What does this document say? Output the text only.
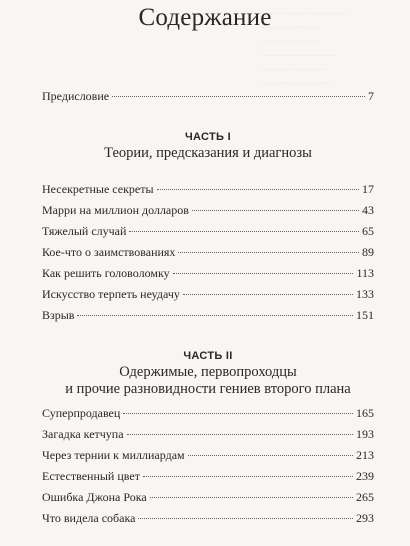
─── ──── ──────
──── ─────
────── ───
──── ───── ──
───── ─────
──────── ───
Содержание
Предисловие	7
ЧАСТЬ I
Теории, предсказания и диагнозы
Несекретные секреты	17
Марри на миллион долларов	43
Тяжелый случай	65
Кое-что о заимствованиях	89
Как решить головоломку	113
Искусство терпеть неудачу	133
Взрыв	151
ЧАСТЬ II
Одержимые, первопроходцы
и прочие разновидности гениев второго плана
Суперпродавец	165
Загадка кетчупа	193
Через тернии к миллиардам	213
Естественный цвет	239
Ошибка Джона Рока	265
Что видела собака	293
